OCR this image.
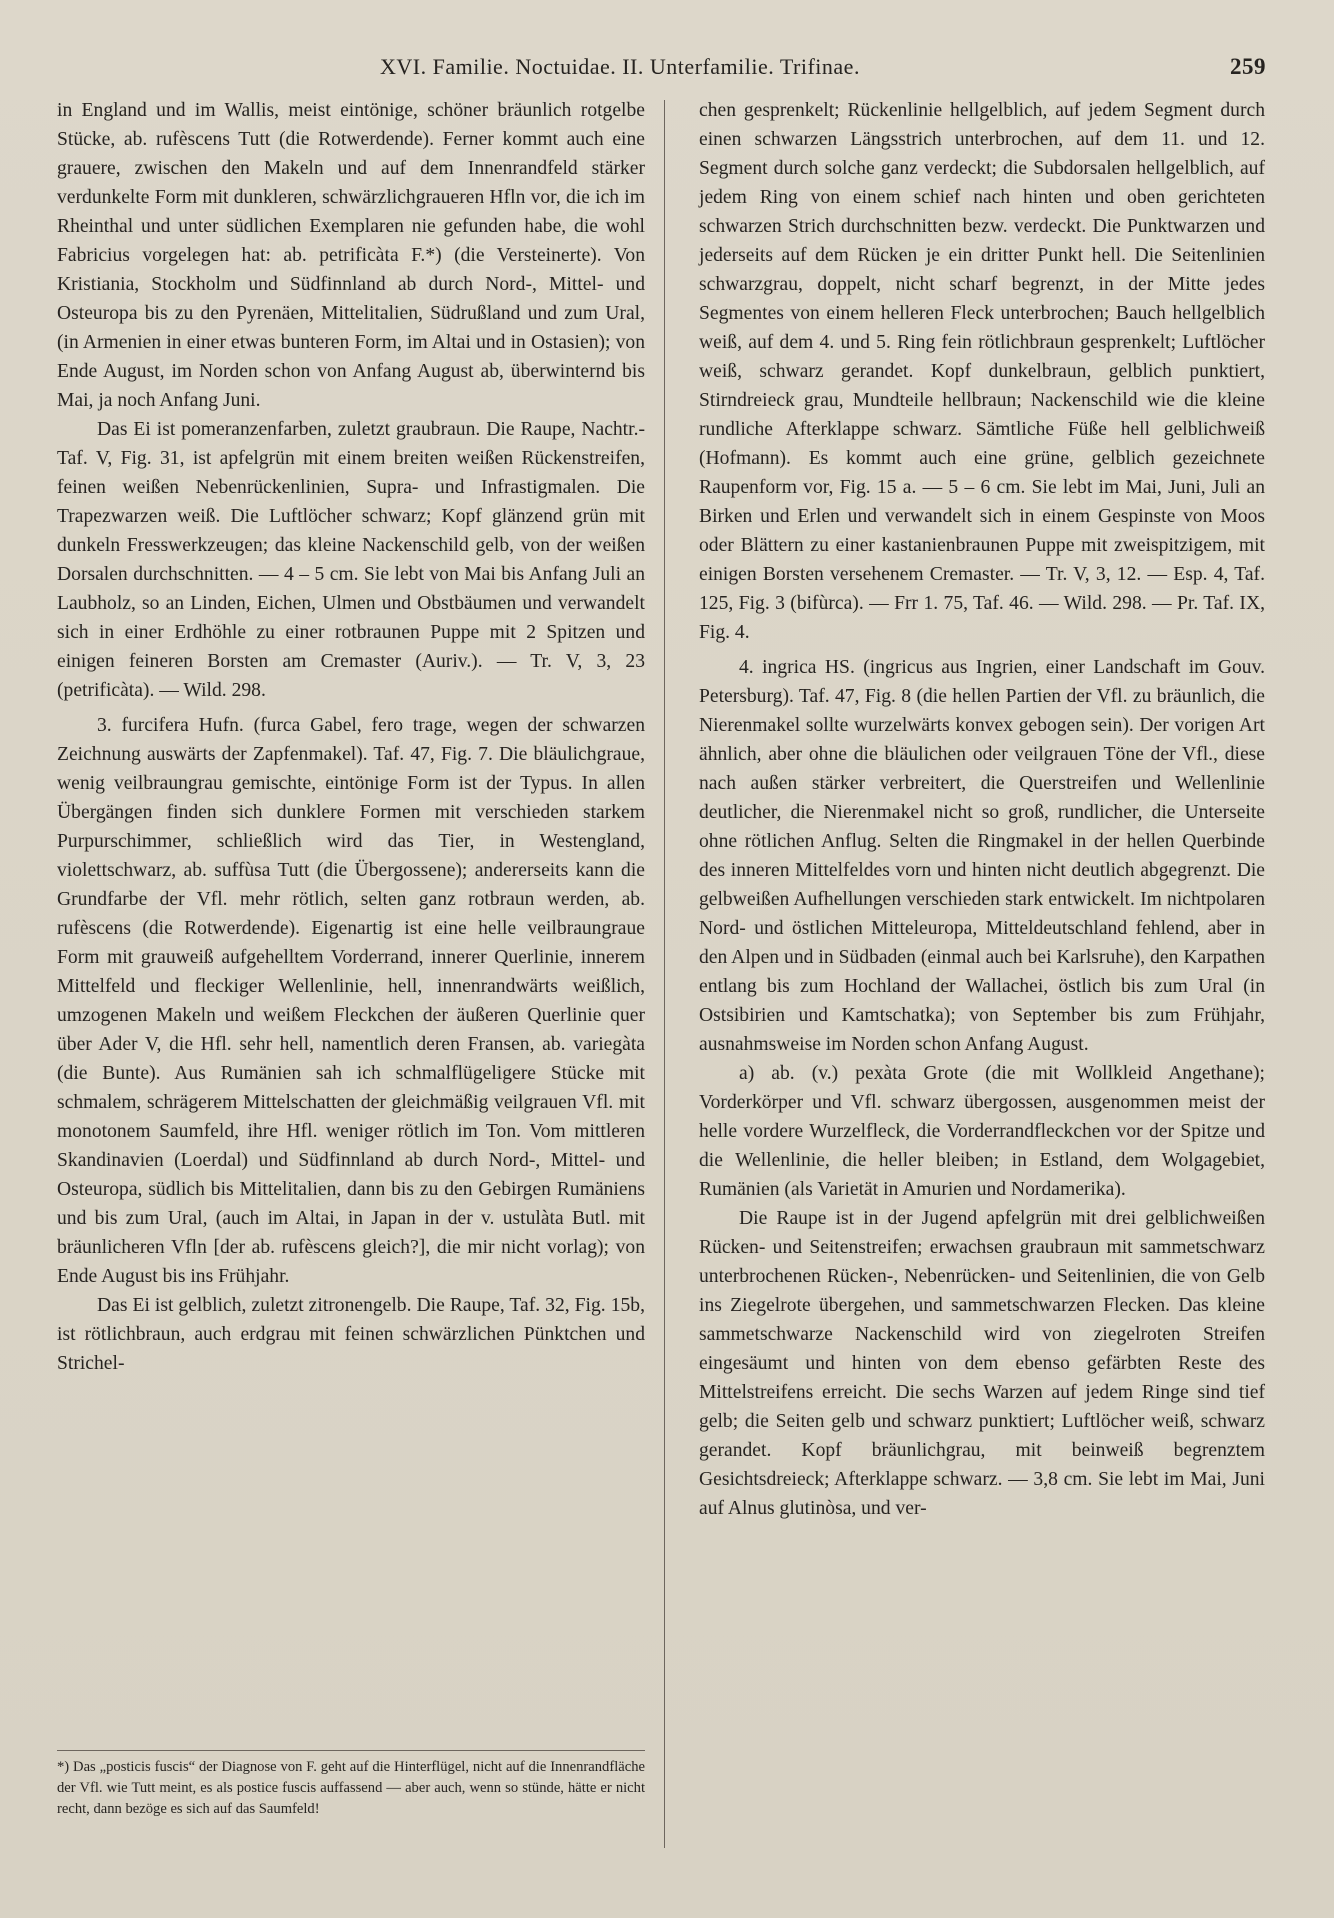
XVI. Familie. Noctuidae. II. Unterfamilie. Trifinae.	259

in England und im Wallis, meist eintönige, schöner bräunlich rotgelbe Stücke, ab. rufèscens Tutt (die Rotwerdende). Ferner kommt auch eine grauere, zwischen den Makeln und auf dem Innenrandfeld stärker verdunkelte Form mit dunkleren, schwärzlichgraueren Hfln vor, die ich im Rheinthal und unter südlichen Exemplaren nie gefunden habe, die wohl Fabricius vorgelegen hat: ab. petrificàta F.*) (die Versteinerte). Von Kristiania, Stockholm und Südfinnland ab durch Nord-, Mittel- und Osteuropa bis zu den Pyrenäen, Mittelitalien, Südrußland und zum Ural, (in Armenien in einer etwas bunteren Form, im Altai und in Ostasien); von Ende August, im Norden schon von Anfang August ab, überwinternd bis Mai, ja noch Anfang Juni.

Das Ei ist pomeranzenfarben, zuletzt graubraun. Die Raupe, Nachtr.-Taf. V, Fig. 31, ist apfelgrün mit einem breiten weißen Rückenstreifen, feinen weißen Nebenrückenlinien, Supra- und Infrastigmalen. Die Trapezwarzen weiß. Die Luftlöcher schwarz; Kopf glänzend grün mit dunkeln Fresswerkzeugen; das kleine Nackenschild gelb, von der weißen Dorsalen durchschnitten. — 4 – 5 cm. Sie lebt von Mai bis Anfang Juli an Laubholz, so an Linden, Eichen, Ulmen und Obstbäumen und verwandelt sich in einer Erdhöhle zu einer rotbraunen Puppe mit 2 Spitzen und einigen feineren Borsten am Cremaster (Auriv.). — Tr. V, 3, 23 (petrificàta). — Wild. 298.

3. furcifera Hufn. (furca Gabel, fero trage, wegen der schwarzen Zeichnung auswärts der Zapfenmakel). Taf. 47, Fig. 7. Die bläulichgraue, wenig veilbraungrau gemischte, eintönige Form ist der Typus. In allen Übergängen finden sich dunklere Formen mit verschieden starkem Purpurschimmer, schließlich wird das Tier, in Westengland, violettschwarz, ab. suffùsa Tutt (die Übergossene); andererseits kann die Grundfarbe der Vfl. mehr rötlich, selten ganz rotbraun werden, ab. rufèscens (die Rotwerdende). Eigenartig ist eine helle veilbraungraue Form mit grauweiß aufgehelltem Vorderrand, innerer Querlinie, innerem Mittelfeld und fleckiger Wellenlinie, hell, innenrandwärts weißlich, umzogenen Makeln und weißem Fleckchen der äußeren Querlinie quer über Ader V, die Hfl. sehr hell, namentlich deren Fransen, ab. variegàta (die Bunte). Aus Rumänien sah ich schmalflügeligere Stücke mit schmalem, schrägerem Mittelschatten der gleichmäßig veilgrauen Vfl. mit monotonem Saumfeld, ihre Hfl. weniger rötlich im Ton. Vom mittleren Skandinavien (Loerdal) und Südfinnland ab durch Nord-, Mittel- und Osteuropa, südlich bis Mittelitalien, dann bis zu den Gebirgen Rumäniens und bis zum Ural, (auch im Altai, in Japan in der v. ustulàta Butl. mit bräunlicheren Vfln [der ab. rufèscens gleich?], die mir nicht vorlag); von Ende August bis ins Frühjahr.

Das Ei ist gelblich, zuletzt zitronengelb. Die Raupe, Taf. 32, Fig. 15b, ist rötlichbraun, auch erdgrau mit feinen schwärzlichen Pünktchen und Strichel-

chen gesprenkelt; Rückenlinie hellgelblich, auf jedem Segment durch einen schwarzen Längsstrich unterbrochen, auf dem 11. und 12. Segment durch solche ganz verdeckt; die Subdorsalen hellgelblich, auf jedem Ring von einem schief nach hinten und oben gerichteten schwarzen Strich durchschnitten bezw. verdeckt. Die Punktwarzen und jederseits auf dem Rücken je ein dritter Punkt hell. Die Seitenlinien schwarzgrau, doppelt, nicht scharf begrenzt, in der Mitte jedes Segmentes von einem helleren Fleck unterbrochen; Bauch hellgelblich weiß, auf dem 4. und 5. Ring fein rötlichbraun gesprenkelt; Luftlöcher weiß, schwarz gerandet. Kopf dunkelbraun, gelblich punktiert, Stirndreieck grau, Mundteile hellbraun; Nackenschild wie die kleine rundliche Afterklappe schwarz. Sämtliche Füße hell gelblichweiß (Hofmann). Es kommt auch eine grüne, gelblich gezeichnete Raupenform vor, Fig. 15 a. — 5 – 6 cm. Sie lebt im Mai, Juni, Juli an Birken und Erlen und verwandelt sich in einem Gespinste von Moos oder Blättern zu einer kastanienbraunen Puppe mit zweispitzigem, mit einigen Borsten versehenem Cremaster. — Tr. V, 3, 12. — Esp. 4, Taf. 125, Fig. 3 (bifùrca). — Frr 1. 75, Taf. 46. — Wild. 298. — Pr. Taf. IX, Fig. 4.

4. ingrica HS. (ingricus aus Ingrien, einer Landschaft im Gouv. Petersburg). Taf. 47, Fig. 8 (die hellen Partien der Vfl. zu bräunlich, die Nierenmakel sollte wurzelwärts konvex gebogen sein). Der vorigen Art ähnlich, aber ohne die bläulichen oder veilgrauen Töne der Vfl., diese nach außen stärker verbreitert, die Querstreifen und Wellenlinie deutlicher, die Nierenmakel nicht so groß, rundlicher, die Unterseite ohne rötlichen Anflug. Selten die Ringmakel in der hellen Querbinde des inneren Mittelfeldes vorn und hinten nicht deutlich abgegrenzt. Die gelbweißen Aufhellungen verschieden stark entwickelt. Im nichtpolaren Nord- und östlichen Mitteleuropa, Mitteldeutschland fehlend, aber in den Alpen und in Südbaden (einmal auch bei Karlsruhe), den Karpathen entlang bis zum Hochland der Wallachei, östlich bis zum Ural (in Ostsibirien und Kamtschatka); von September bis zum Frühjahr, ausnahmsweise im Norden schon Anfang August.

a) ab. (v.) pexàta Grote (die mit Wollkleid Angethane); Vorderkörper und Vfl. schwarz übergossen, ausgenommen meist der helle vordere Wurzelfleck, die Vorderrandfleckchen vor der Spitze und die Wellenlinie, die heller bleiben; in Estland, dem Wolgagebiet, Rumänien (als Varietät in Amurien und Nordamerika).

Die Raupe ist in der Jugend apfelgrün mit drei gelblichweißen Rücken- und Seitenstreifen; erwachsen graubraun mit sammetschwarz unterbrochenen Rücken-, Nebenrücken- und Seitenlinien, die von Gelb ins Ziegelrote übergehen, und sammetschwarzen Flecken. Das kleine sammetschwarze Nackenschild wird von ziegelroten Streifen eingesäumt und hinten von dem ebenso gefärbten Reste des Mittelstreifens erreicht. Die sechs Warzen auf jedem Ringe sind tief gelb; die Seiten gelb und schwarz punktiert; Luftlöcher weiß, schwarz gerandet. Kopf bräunlichgrau, mit beinweiß begrenztem Gesichtsdreieck; Afterklappe schwarz. — 3,8 cm. Sie lebt im Mai, Juni auf Alnus glutinòsa, und ver-

*) Das „posticis fuscis“ der Diagnose von F. geht auf die Hinterflügel, nicht auf die Innenrandfläche der Vfl. wie Tutt meint, es als postice fuscis auffassend — aber auch, wenn so stünde, hätte er nicht recht, dann bezöge es sich auf das Saumfeld!
